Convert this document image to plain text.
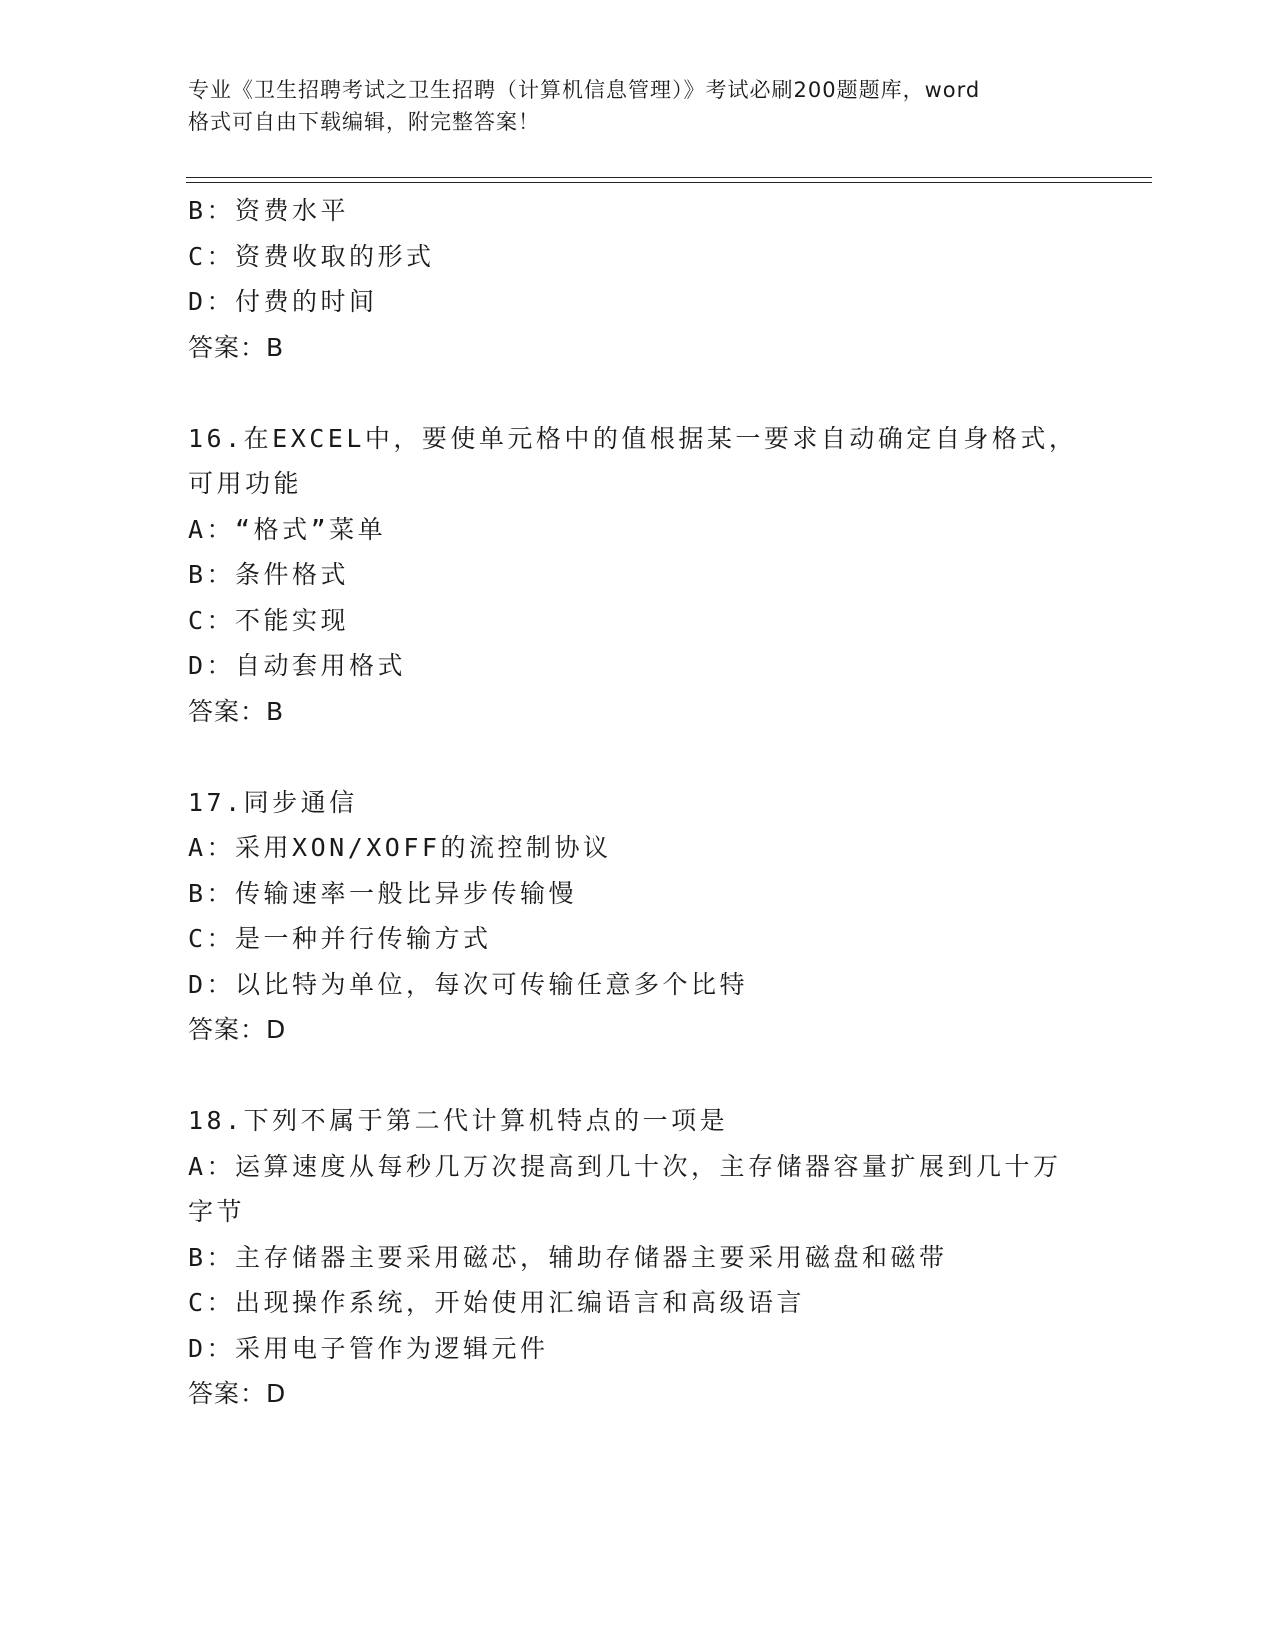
专业《卫生招聘考试之卫生招聘（计算机信息管理）》考试必刷200题题库，word
格式可自由下载编辑，附完整答案！
B：资费水平
C：资费收取的形式
D：付费的时间
答案：B
16.在EXCEL中，要使单元格中的值根据某一要求自动确定自身格式，
可用功能
A：“格式”菜单
B：条件格式
C：不能实现
D：自动套用格式
答案：B
17.同步通信
A：采用XON/XOFF的流控制协议
B：传输速率一般比异步传输慢
C：是一种并行传输方式
D：以比特为单位，每次可传输任意多个比特
答案：D
18.下列不属于第二代计算机特点的一项是
A：运算速度从每秒几万次提高到几十次，主存储器容量扩展到几十万
字节
B：主存储器主要采用磁芯，辅助存储器主要采用磁盘和磁带
C：出现操作系统，开始使用汇编语言和高级语言
D：采用电子管作为逻辑元件
答案：D
